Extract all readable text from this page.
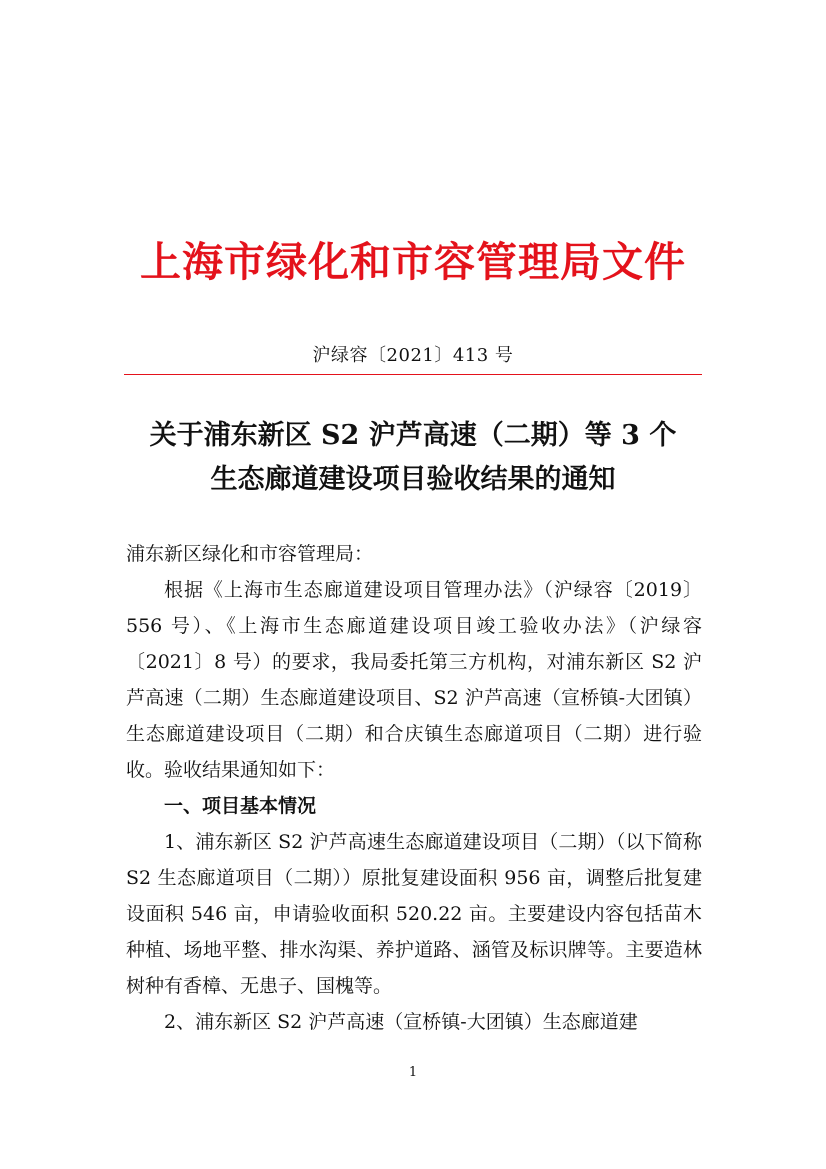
上海市绿化和市容管理局文件
沪绿容〔2021〕413 号
关于浦东新区 S2 沪芦高速（二期）等 3 个
生态廊道建设项目验收结果的通知

浦东新区绿化和市容管理局：

根据《上海市生态廊道建设项目管理办法》（沪绿容〔2019〕556 号）、《上海市生态廊道建设项目竣工验收办法》（沪绿容〔2021〕8 号）的要求，我局委托第三方机构，对浦东新区 S2 沪芦高速（二期）生态廊道建设项目、S2 沪芦高速（宣桥镇-大团镇）生态廊道建设项目（二期）和合庆镇生态廊道项目（二期）进行验收。验收结果通知如下：

一、项目基本情况

1、浦东新区 S2 沪芦高速生态廊道建设项目（二期）（以下简称 S2 生态廊道项目（二期））原批复建设面积 956 亩，调整后批复建设面积 546 亩，申请验收面积 520.22 亩。主要建设内容包括苗木种植、场地平整、排水沟渠、养护道路、涵管及标识牌等。主要造林树种有香樟、无患子、国槐等。

2、浦东新区 S2 沪芦高速（宣桥镇-大团镇）生态廊道建

1
